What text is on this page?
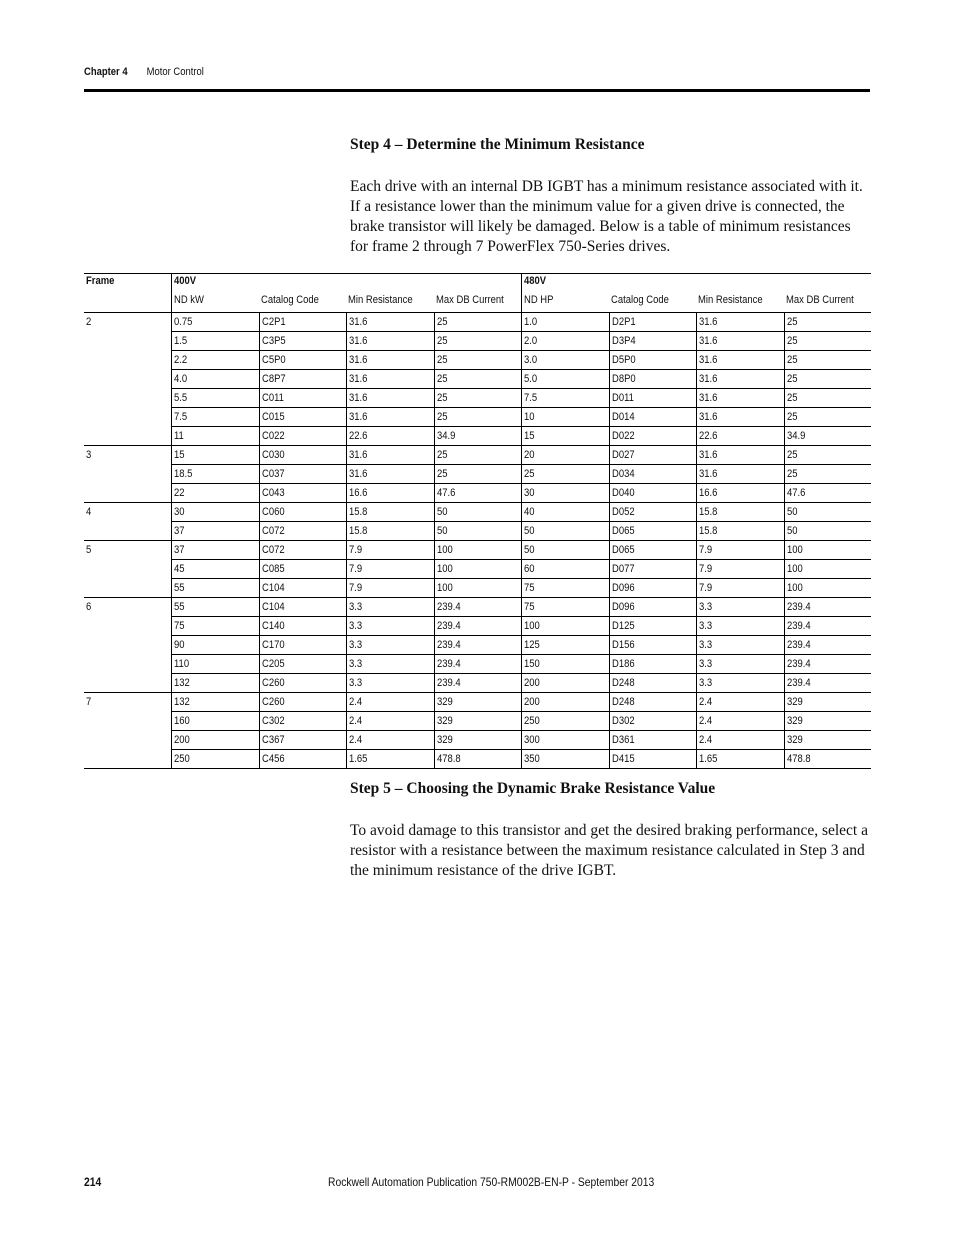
Chapter 4 Motor Control
Step 4 – Determine the Minimum Resistance
Each drive with an internal DB IGBT has a minimum resistance associated with it. If a resistance lower than the minimum value for a given drive is connected, the brake transistor will likely be damaged. Below is a table of minimum resistances for frame 2 through 7 PowerFlex 750-Series drives.
Frame	400V				480V			
	ND kW	Catalog Code	Min Resistance	Max DB Current	ND HP	Catalog Code	Min Resistance	Max DB Current
2	0.75	C2P1	31.6	25	1.0	D2P1	31.6	25
	1.5	C3P5	31.6	25	2.0	D3P4	31.6	25
	2.2	C5P0	31.6	25	3.0	D5P0	31.6	25
	4.0	C8P7	31.6	25	5.0	D8P0	31.6	25
	5.5	C011	31.6	25	7.5	D011	31.6	25
	7.5	C015	31.6	25	10	D014	31.6	25
	11	C022	22.6	34.9	15	D022	22.6	34.9
3	15	C030	31.6	25	20	D027	31.6	25
	18.5	C037	31.6	25	25	D034	31.6	25
	22	C043	16.6	47.6	30	D040	16.6	47.6
4	30	C060	15.8	50	40	D052	15.8	50
	37	C072	15.8	50	50	D065	15.8	50
5	37	C072	7.9	100	50	D065	7.9	100
	45	C085	7.9	100	60	D077	7.9	100
	55	C104	7.9	100	75	D096	7.9	100
6	55	C104	3.3	239.4	75	D096	3.3	239.4
	75	C140	3.3	239.4	100	D125	3.3	239.4
	90	C170	3.3	239.4	125	D156	3.3	239.4
	110	C205	3.3	239.4	150	D186	3.3	239.4
	132	C260	3.3	239.4	200	D248	3.3	239.4
7	132	C260	2.4	329	200	D248	2.4	329
	160	C302	2.4	329	250	D302	2.4	329
	200	C367	2.4	329	300	D361	2.4	329
	250	C456	1.65	478.8	350	D415	1.65	478.8
Step 5 – Choosing the Dynamic Brake Resistance Value
To avoid damage to this transistor and get the desired braking performance, select a resistor with a resistance between the maximum resistance calculated in Step 3 and the minimum resistance of the drive IGBT.
214	Rockwell Automation Publication 750-RM002B-EN-P - September 2013
